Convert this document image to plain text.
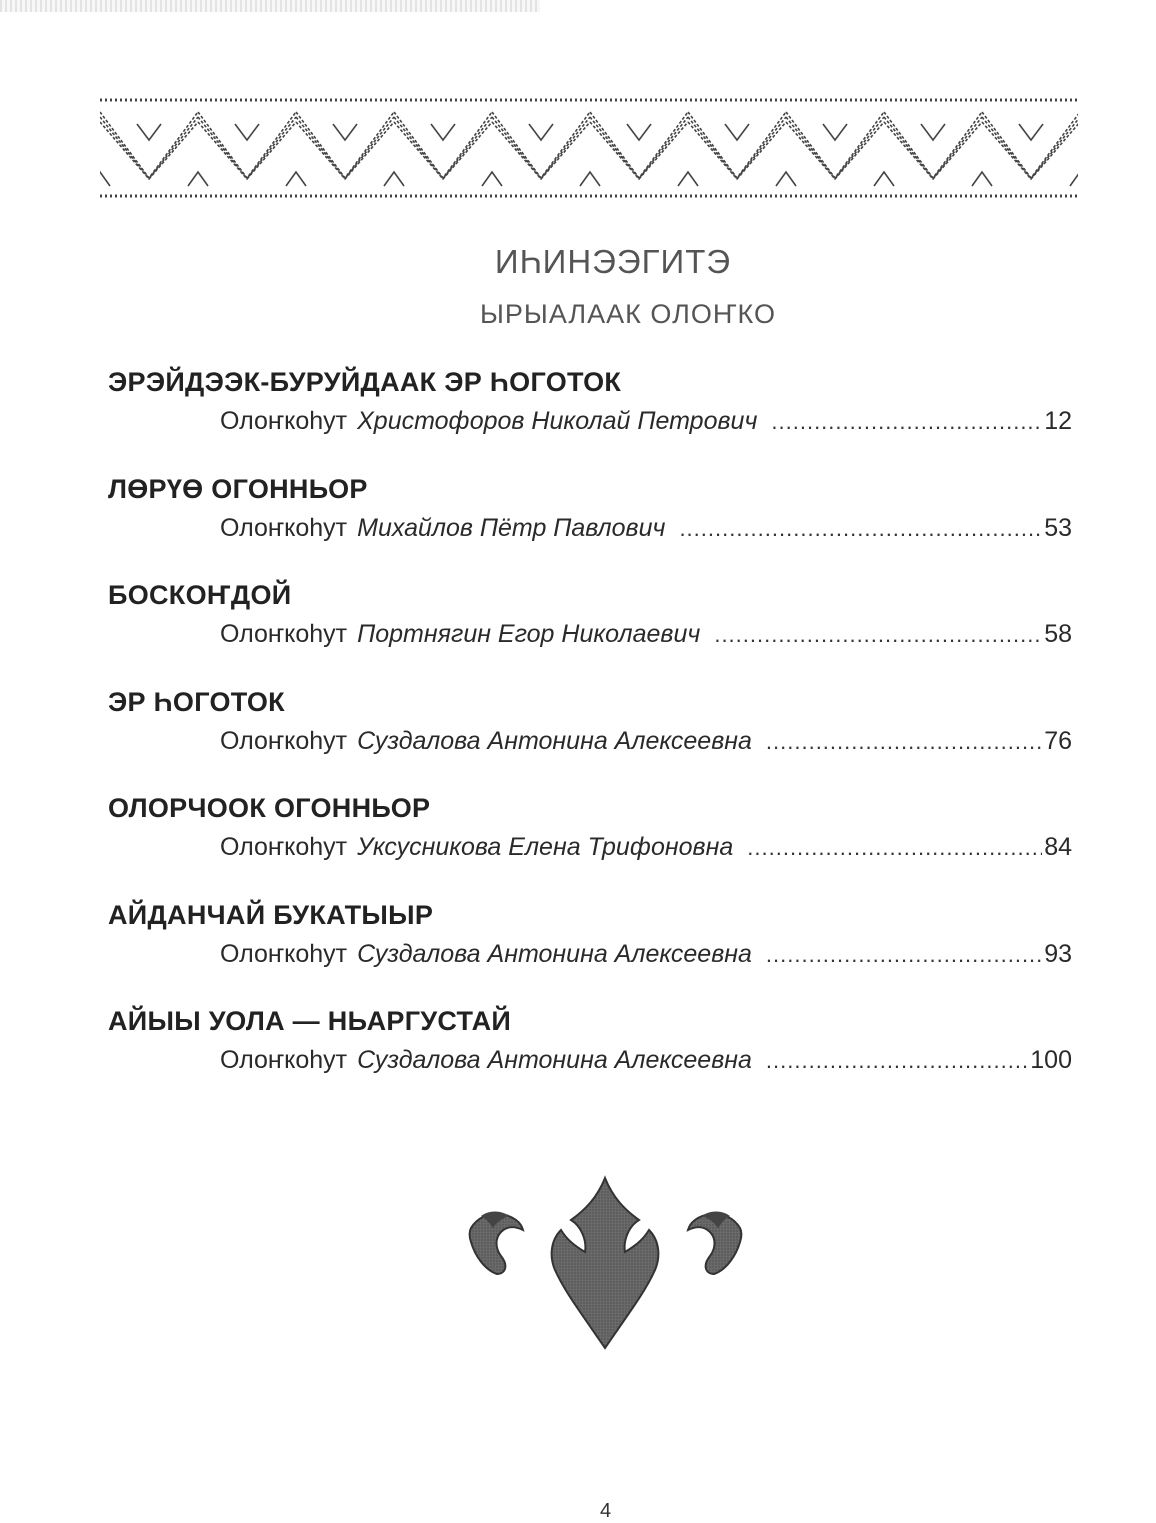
ИҺИНЭЭГИТЭ
ЫРЫАЛААК ОЛОҤКО
ЭРЭЙДЭЭК-БУРУЙДААК ЭР ҺОГОТОК
Олоҥкоһут Христофоров Николай Петрович .....	12
ЛӨРҮӨ ОГОННЬОР
Олоҥкоһут Михайлов Пётр Павлович .....	53
БОСКОҤДОЙ
Олоҥкоһут Портнягин Егор Николаевич .....	58
ЭР ҺОГОТОК
Олоҥкоһут Суздалова Антонина Алексеевна .....	76
ОЛОРЧООК ОГОННЬОР
Олоҥкоһут Уксусникова Елена Трифоновна .....	84
АЙДАНЧАЙ БУКАТЫЫР
Олоҥкоһут Суздалова Антонина Алексеевна .....	93
АЙЫЫ УОЛА — НЬАРГУСТАЙ
Олоҥкоһут Суздалова Антонина Алексеевна .....	100
4
